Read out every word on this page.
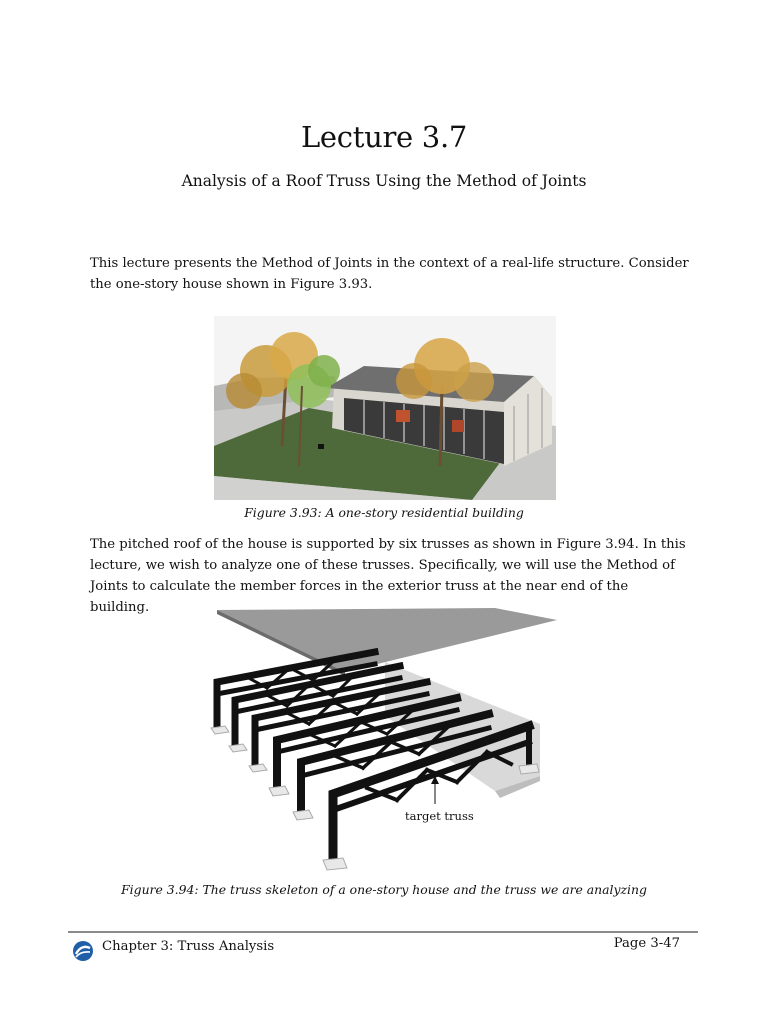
Lecture 3.7
Analysis of a Roof Truss Using the Method of Joints

This lecture presents the Method of Joints in the context of a real-life structure. Consider the one-story house shown in Figure 3.93.

Figure 3.93: A one-story residential building

The pitched roof of the house is supported by six trusses as shown in Figure 3.94. In this lecture, we wish to analyze one of these trusses. Specifically, we will use the Method of Joints to calculate the member forces in the exterior truss at the near end of the building.

target truss
Figure 3.94: The truss skeleton of a one-story house and the truss we are analyzing
Chapter 3: Truss Analysis	Page 3-47
